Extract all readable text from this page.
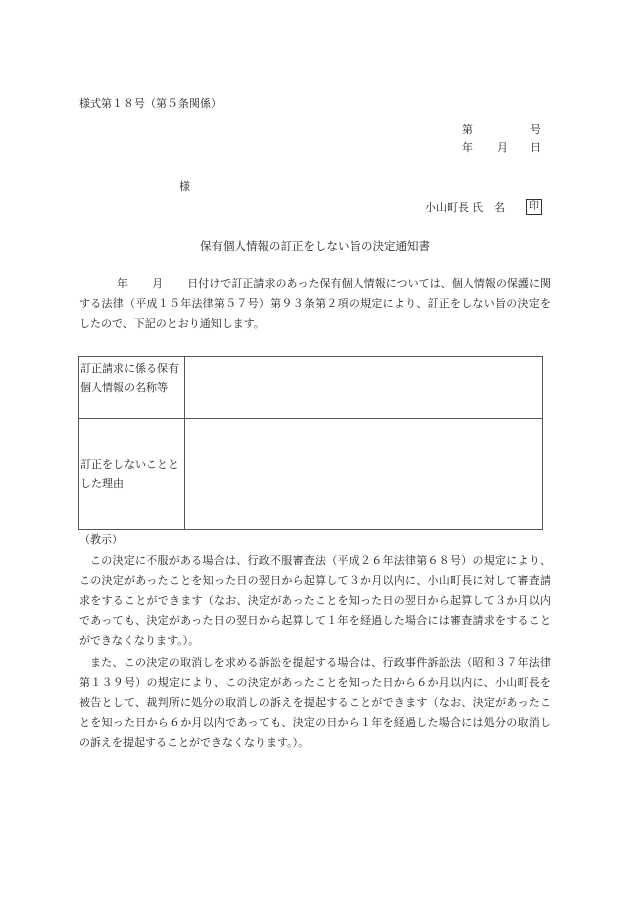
様式第１８号（第５条関係）
第	号
年 月 日
様
小山町長 氏　名	印
保有個人情報の訂正をしない旨の決定通知書
年 月 日付けで訂正請求のあった保有個人情報については、個人情報の保護に関する法律（平成１５年法律第５７号）第９３条第２項の規定により、訂正をしない旨の決定をしたので、下記のとおり通知します。
訂正請求に係る保有個人情報の名称等	
訂正をしないこととした理由	
（教示）
この決定に不服がある場合は、行政不服審査法（平成２６年法律第６８号）の規定により、この決定があったことを知った日の翌日から起算して３か月以内に、小山町長に対して審査請求をすることができます（なお、決定があったことを知った日の翌日から起算して３か月以内であっても、決定があった日の翌日から起算して１年を経過した場合には審査請求をすることができなくなります。）。
また、この決定の取消しを求める訴訟を提起する場合は、行政事件訴訟法（昭和３７年法律第１３９号）の規定により、この決定があったことを知った日から６か月以内に、小山町長を被告として、裁判所に処分の取消しの訴えを提起することができます（なお、決定があったことを知った日から６か月以内であっても、決定の日から１年を経過した場合には処分の取消しの訴えを提起することができなくなります。）。
